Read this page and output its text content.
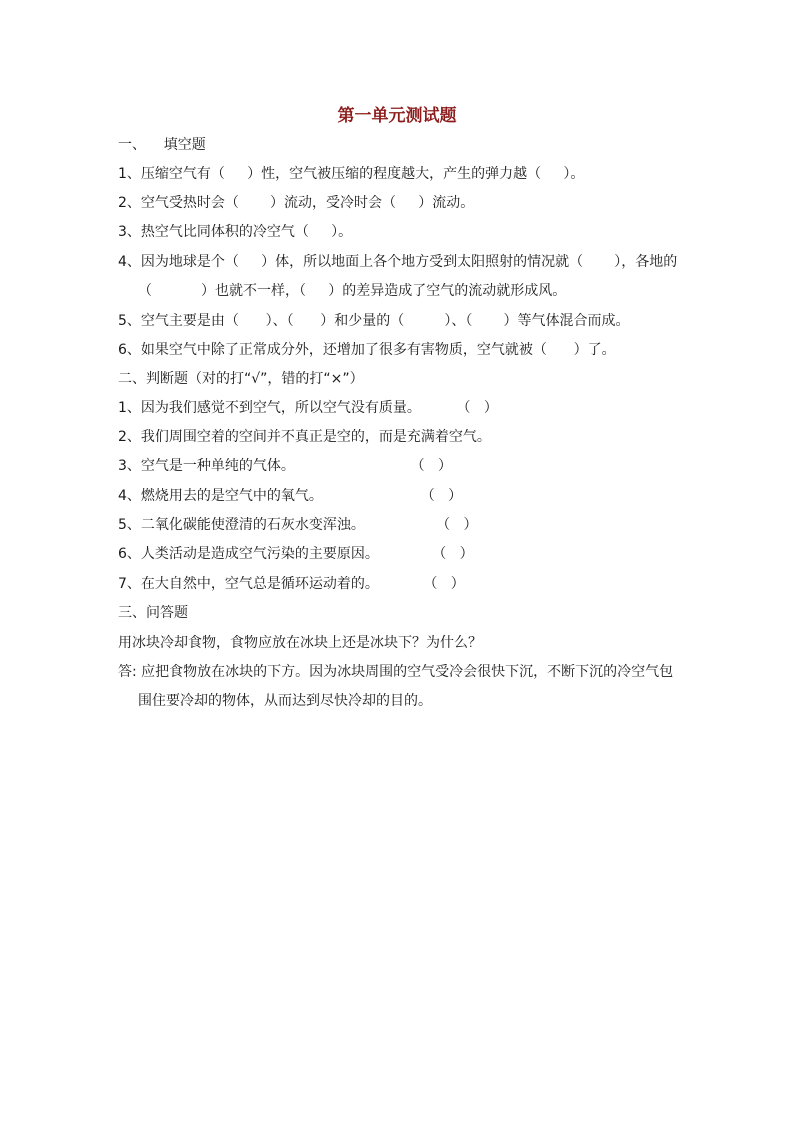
第一单元测试题
一、    填空题
1、压缩空气有（     ）性，空气被压缩的程度越大，产生的弹力越（     ）。
2、空气受热时会（       ）流动，受冷时会（     ）流动。
3、热空气比同体积的冷空气（     ）。
4、因为地球是个（     ）体，所以地面上各个地方受到太阳照射的情况就（       ），各地的
（           ）也就不一样，（     ）的差异造成了空气的流动就形成风。
5、空气主要是由（      ）、（      ）和少量的（         ）、（       ）等气体混合而成。
6、如果空气中除了正常成分外，还增加了很多有害物质，空气就被（      ）了。
二、判断题（对的打“√”，错的打“×”）
1、因为我们感觉不到空气，所以空气没有质量。        （   ）
2、我们周围空着的空间并不真正是空的，而是充满着空气。
3、空气是一种单纯的气体。                          （   ）
4、燃烧用去的是空气中的氧气。                      （   ）
5、二氧化碳能使澄清的石灰水变浑浊。                （   ）
6、人类活动是造成空气污染的主要原因。            （   ）
7、在大自然中，空气总是循环运动着的。          （   ）
三、问答题
用冰块冷却食物，食物应放在冰块上还是冰块下？为什么？
答: 应把食物放在冰块的下方。因为冰块周围的空气受冷会很快下沉，不断下沉的冷空气包
围住要冷却的物体，从而达到尽快冷却的目的。
